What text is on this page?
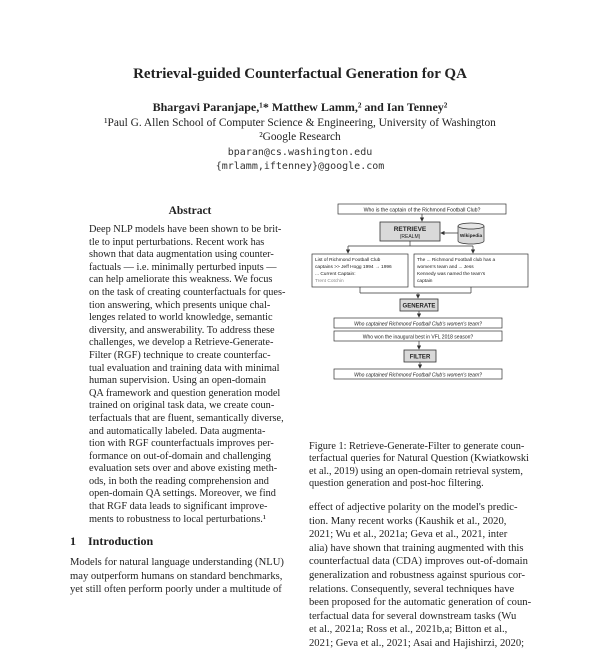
Retrieval-guided Counterfactual Generation for QA
Bhargavi Paranjape,¹* Matthew Lamm,² and Ian Tenney²
¹Paul G. Allen School of Computer Science & Engineering, University of Washington
²Google Research
bparan@cs.washington.edu
{mrlamm,iftenney}@google.com
Abstract

Deep NLP models have been shown to be brit-
tle to input perturbations. Recent work has
shown that data augmentation using counter-
factuals — i.e. minimally perturbed inputs —
can help ameliorate this weakness. We focus
on the task of creating counterfactuals for ques-
tion answering, which presents unique chal-
lenges related to world knowledge, semantic
diversity, and answerability. To address these
challenges, we develop a Retrieve-Generate-
Filter (RGF) technique to create counterfac-
tual evaluation and training data with minimal
human supervision. Using an open-domain
QA framework and question generation model
trained on original task data, we create coun-
terfactuals that are fluent, semantically diverse,
and automatically labeled. Data augmenta-
tion with RGF counterfactuals improves per-
formance on out-of-domain and challenging
evaluation sets over and above existing meth-
ods, in both the reading comprehension and
open-domain QA settings. Moreover, we find
that RGF data leads to significant improve-
ments to robustness to local perturbations.¹

1 Introduction

Models for natural language understanding (NLU)
may outperform humans on standard benchmarks,
yet still often perform poorly under a multitude of

Who is the captain of the Richmond Football Club?
RETRIEVE
(REALM)	Wikipedia
List of Richmond Football Club
captains >> Jeff Hogg 1994 → 1996
... Current Captain:
Trent Cotchin
The ... Richmond Football club has a
women's team and ... Jess
Kennedy was named the team's
captain
GENERATE
Who captained Richmond Football Club's women's team?
Who won the inaugural best in VFL 2018 season?
FILTER
Who captained Richmond Football Club's women's team?

Figure 1: Retrieve-Generate-Filter to generate coun-
terfactual queries for Natural Question (Kwiatkowski
et al., 2019) using an open-domain retrieval system,
question generation and post-hoc filtering.

effect of adjective polarity on the model's predic-
tion. Many recent works (Kaushik et al., 2020,
2021; Wu et al., 2021a; Geva et al., 2021, inter
alia) have shown that training augmented with this
counterfactual data (CDA) improves out-of-domain
generalization and robustness against spurious cor-
relations. Consequently, several techniques have
been proposed for the automatic generation of coun-
terfactual data for several downstream tasks (Wu
et al., 2021a; Ross et al., 2021b,a; Bitton et al.,
2021; Geva et al., 2021; Asai and Hajishirzi, 2020;
